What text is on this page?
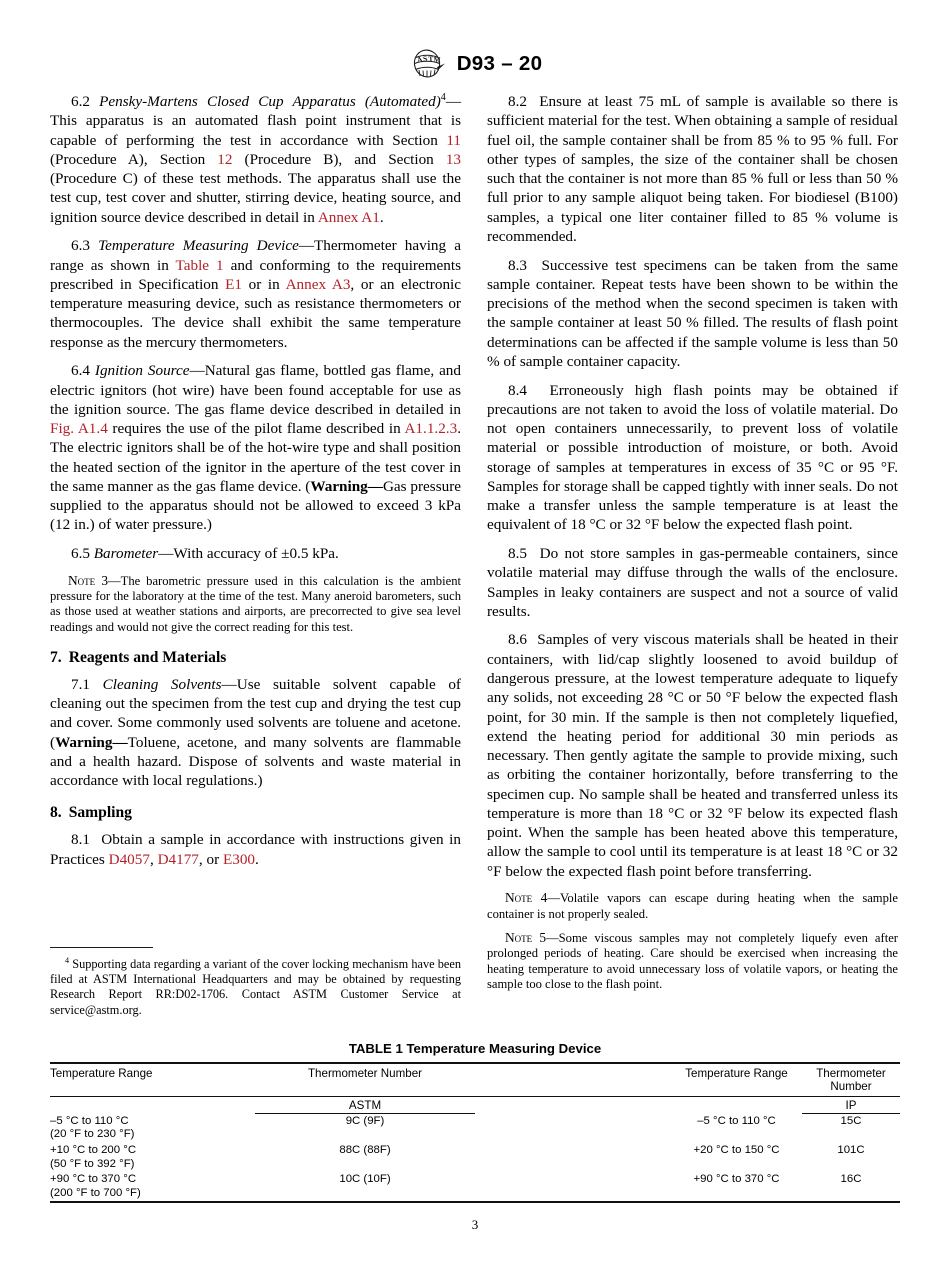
A S T M D93 – 20

6.2 Pensky-Martens Closed Cup Apparatus (Automated)$^4$—This apparatus is an automated flash point instrument that is capable of performing the test in accordance with Section 11 (Procedure A), Section 12 (Procedure B), and Section 13 (Procedure C) of these test methods. The apparatus shall use the test cup, test cover and shutter, stirring device, heating source, and ignition source device described in detail in Annex A1.

6.3 Temperature Measuring Device—Thermometer having a range as shown in Table 1 and conforming to the requirements prescribed in Specification E1 or in Annex A3, or an electronic temperature measuring device, such as resistance thermometers or thermocouples. The device shall exhibit the same temperature response as the mercury thermometers.

6.4 Ignition Source—Natural gas flame, bottled gas flame, and electric ignitors (hot wire) have been found acceptable for use as the ignition source. The gas flame device described in detailed in Fig. A1.4 requires the use of the pilot flame described in A1.1.2.3. The electric ignitors shall be of the hot-wire type and shall position the heated section of the ignitor in the aperture of the test cover in the same manner as the gas flame device. (Warning—Gas pressure supplied to the apparatus should not be allowed to exceed 3 kPa (12 in.) of water pressure.)

6.5 Barometer—With accuracy of ±0.5 kPa.

Note 3—The barometric pressure used in this calculation is the ambient pressure for the laboratory at the time of the test. Many aneroid barometers, such as those used at weather stations and airports, are precorrected to give sea level readings and would not give the correct reading for this test.

7. Reagents and Materials

7.1 Cleaning Solvents—Use suitable solvent capable of cleaning out the specimen from the test cup and drying the test cup and cover. Some commonly used solvents are toluene and acetone. (Warning—Toluene, acetone, and many solvents are flammable and a health hazard. Dispose of solvents and waste material in accordance with local regulations.)

8. Sampling

8.1 Obtain a sample in accordance with instructions given in Practices D4057, D4177, or E300.

$^4$ Supporting data regarding a variant of the cover locking mechanism have been filed at ASTM International Headquarters and may be obtained by requesting Research Report RR:D02-1706. Contact ASTM Customer Service at service@astm.org.

8.2 Ensure at least 75 mL of sample is available so there is sufficient material for the test. When obtaining a sample of residual fuel oil, the sample container shall be from 85 % to 95 % full. For other types of samples, the size of the container shall be chosen such that the container is not more than 85 % full or less than 50 % full prior to any sample aliquot being taken. For biodiesel (B100) samples, a typical one liter container filled to 85 % volume is recommended.

8.3 Successive test specimens can be taken from the same sample container. Repeat tests have been shown to be within the precisions of the method when the second specimen is taken with the sample container at least 50 % filled. The results of flash point determinations can be affected if the sample volume is less than 50 % of sample container capacity.

8.4 Erroneously high flash points may be obtained if precautions are not taken to avoid the loss of volatile material. Do not open containers unnecessarily, to prevent loss of volatile material or possible introduction of moisture, or both. Avoid storage of samples at temperatures in excess of 35 °C or 95 °F. Samples for storage shall be capped tightly with inner seals. Do not make a transfer unless the sample temperature is at least the equivalent of 18 °C or 32 °F below the expected flash point.

8.5 Do not store samples in gas-permeable containers, since volatile material may diffuse through the walls of the enclosure. Samples in leaky containers are suspect and not a source of valid results.

8.6 Samples of very viscous materials shall be heated in their containers, with lid/cap slightly loosened to avoid buildup of dangerous pressure, at the lowest temperature adequate to liquefy any solids, not exceeding 28 °C or 50 °F below the expected flash point, for 30 min. If the sample is then not completely liquefied, extend the heating period for additional 30 min periods as necessary. Then gently agitate the sample to provide mixing, such as orbiting the container horizontally, before transferring to the specimen cup. No sample shall be heated and transferred unless its temperature is more than 18 °C or 32 °F below its expected flash point. When the sample has been heated above this temperature, allow the sample to cool until its temperature is at least 18 °C or 32 °F below the expected flash point before transferring.

Note 4—Volatile vapors can escape during heating when the sample container is not properly sealed.

Note 5—Some viscous samples may not completely liquefy even after prolonged periods of heating. Care should be exercised when increasing the heating temperature to avoid unnecessary loss of volatile vapors, or heating the sample too close to the flash point.

TABLE 1 Temperature Measuring Device

Temperature Range	Thermometer Number		Temperature Range	Thermometer Number
	ASTM			IP

–5 °C to 110 °C
(20 °F to 230 °F)	9C (9F)		–5 °C to 110 °C	15C

+10 °C to 200 °C
(50 °F to 392 °F)	88C (88F)		+20 °C to 150 °C	101C

+90 °C to 370 °C
(200 °F to 700 °F)	10C (10F)		+90 °C to 370 °C	16C

3
